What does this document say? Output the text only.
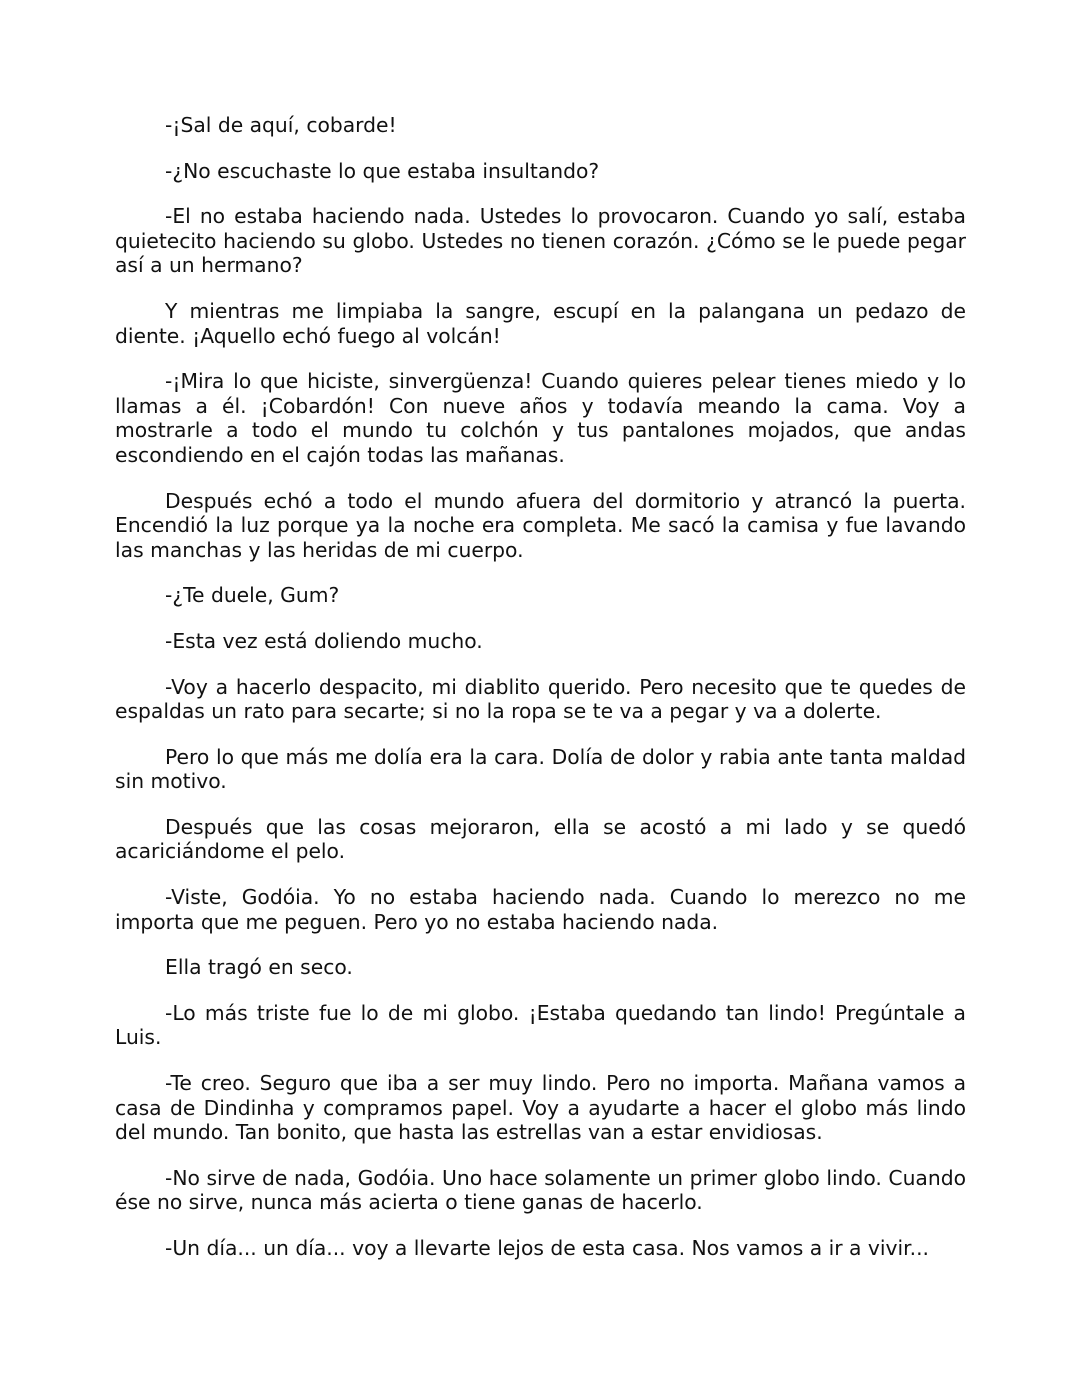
-¡Sal de aquí, cobarde!

-¿No escuchaste lo que estaba insultando?

-El no estaba haciendo nada. Ustedes lo provocaron. Cuando yo salí, estaba quietecito haciendo su globo. Ustedes no tienen corazón. ¿Cómo se le puede pegar así a un hermano?

Y mientras me limpiaba la sangre, escupí en la palangana un pedazo de diente. ¡Aquello echó fuego al volcán!

-¡Mira lo que hiciste, sinvergüenza! Cuando quieres pelear tienes miedo y lo llamas a él. ¡Cobardón! Con nueve años y todavía meando la cama. Voy a mostrarle a todo el mundo tu colchón y tus pantalones mojados, que andas escondiendo en el cajón todas las mañanas.

Después echó a todo el mundo afuera del dormitorio y atrancó la puerta. Encendió la luz porque ya la noche era completa. Me sacó la camisa y fue lavando las manchas y las heridas de mi cuerpo.

-¿Te duele, Gum?

-Esta vez está doliendo mucho.

-Voy a hacerlo despacito, mi diablito querido. Pero necesito que te quedes de espaldas un rato para secarte; si no la ropa se te va a pegar y va a dolerte.

Pero lo que más me dolía era la cara. Dolía de dolor y rabia ante tanta maldad sin motivo.

Después que las cosas mejoraron, ella se acostó a mi lado y se quedó acariciándome el pelo.

-Viste, Godóia. Yo no estaba haciendo nada. Cuando lo merezco no me importa que me peguen. Pero yo no estaba haciendo nada.

Ella tragó en seco.

-Lo más triste fue lo de mi globo. ¡Estaba quedando tan lindo! Pregúntale a Luis.

-Te creo. Seguro que iba a ser muy lindo. Pero no importa. Mañana vamos a casa de Dindinha y compramos papel. Voy a ayudarte a hacer el globo más lindo del mundo. Tan bonito, que hasta las estrellas van a estar envidiosas.

-No sirve de nada, Godóia. Uno hace solamente un primer globo lindo. Cuando ése no sirve, nunca más acierta o tiene ganas de hacerlo.

-Un día... un día... voy a llevarte lejos de esta casa. Nos vamos a ir a vivir...
